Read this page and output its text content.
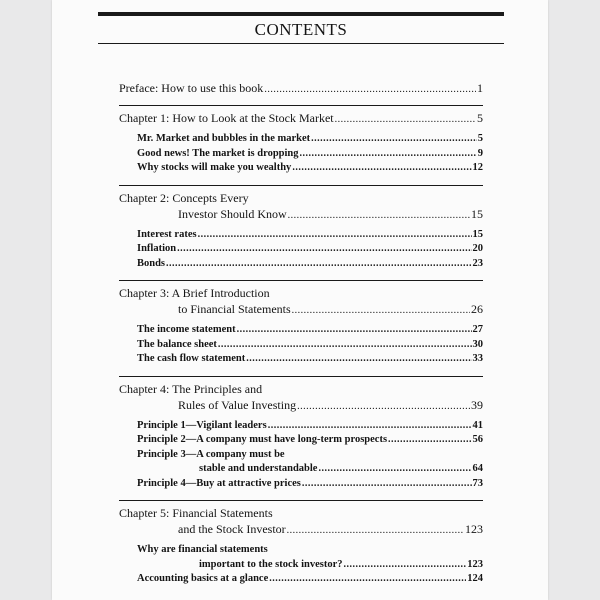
CONTENTS
Preface: How to use this book .....	1
Chapter 1: How to Look at the Stock Market .....	5
Mr. Market and bubbles in the market .....	5
Good news! The market is dropping .....	9
Why stocks will make you wealthy .....	12
Chapter 2: Concepts Every
Investor Should Know .....	15
Interest rates .....	15
Inflation .....	20
Bonds .....	23
Chapter 3: A Brief Introduction
to Financial Statements .....	26
The income statement .....	27
The balance sheet .....	30
The cash flow statement .....	33
Chapter 4: The Principles and
Rules of Value Investing .....	39
Principle 1—Vigilant leaders .....	41
Principle 2—A company must have long-term prospects .....	56
Principle 3—A company must be
stable and understandable .....	64
Principle 4—Buy at attractive prices .....	73
Chapter 5: Financial Statements
and the Stock Investor .....	123
Why are financial statements
important to the stock investor? .....	123
Accounting basics at a glance .....	124
